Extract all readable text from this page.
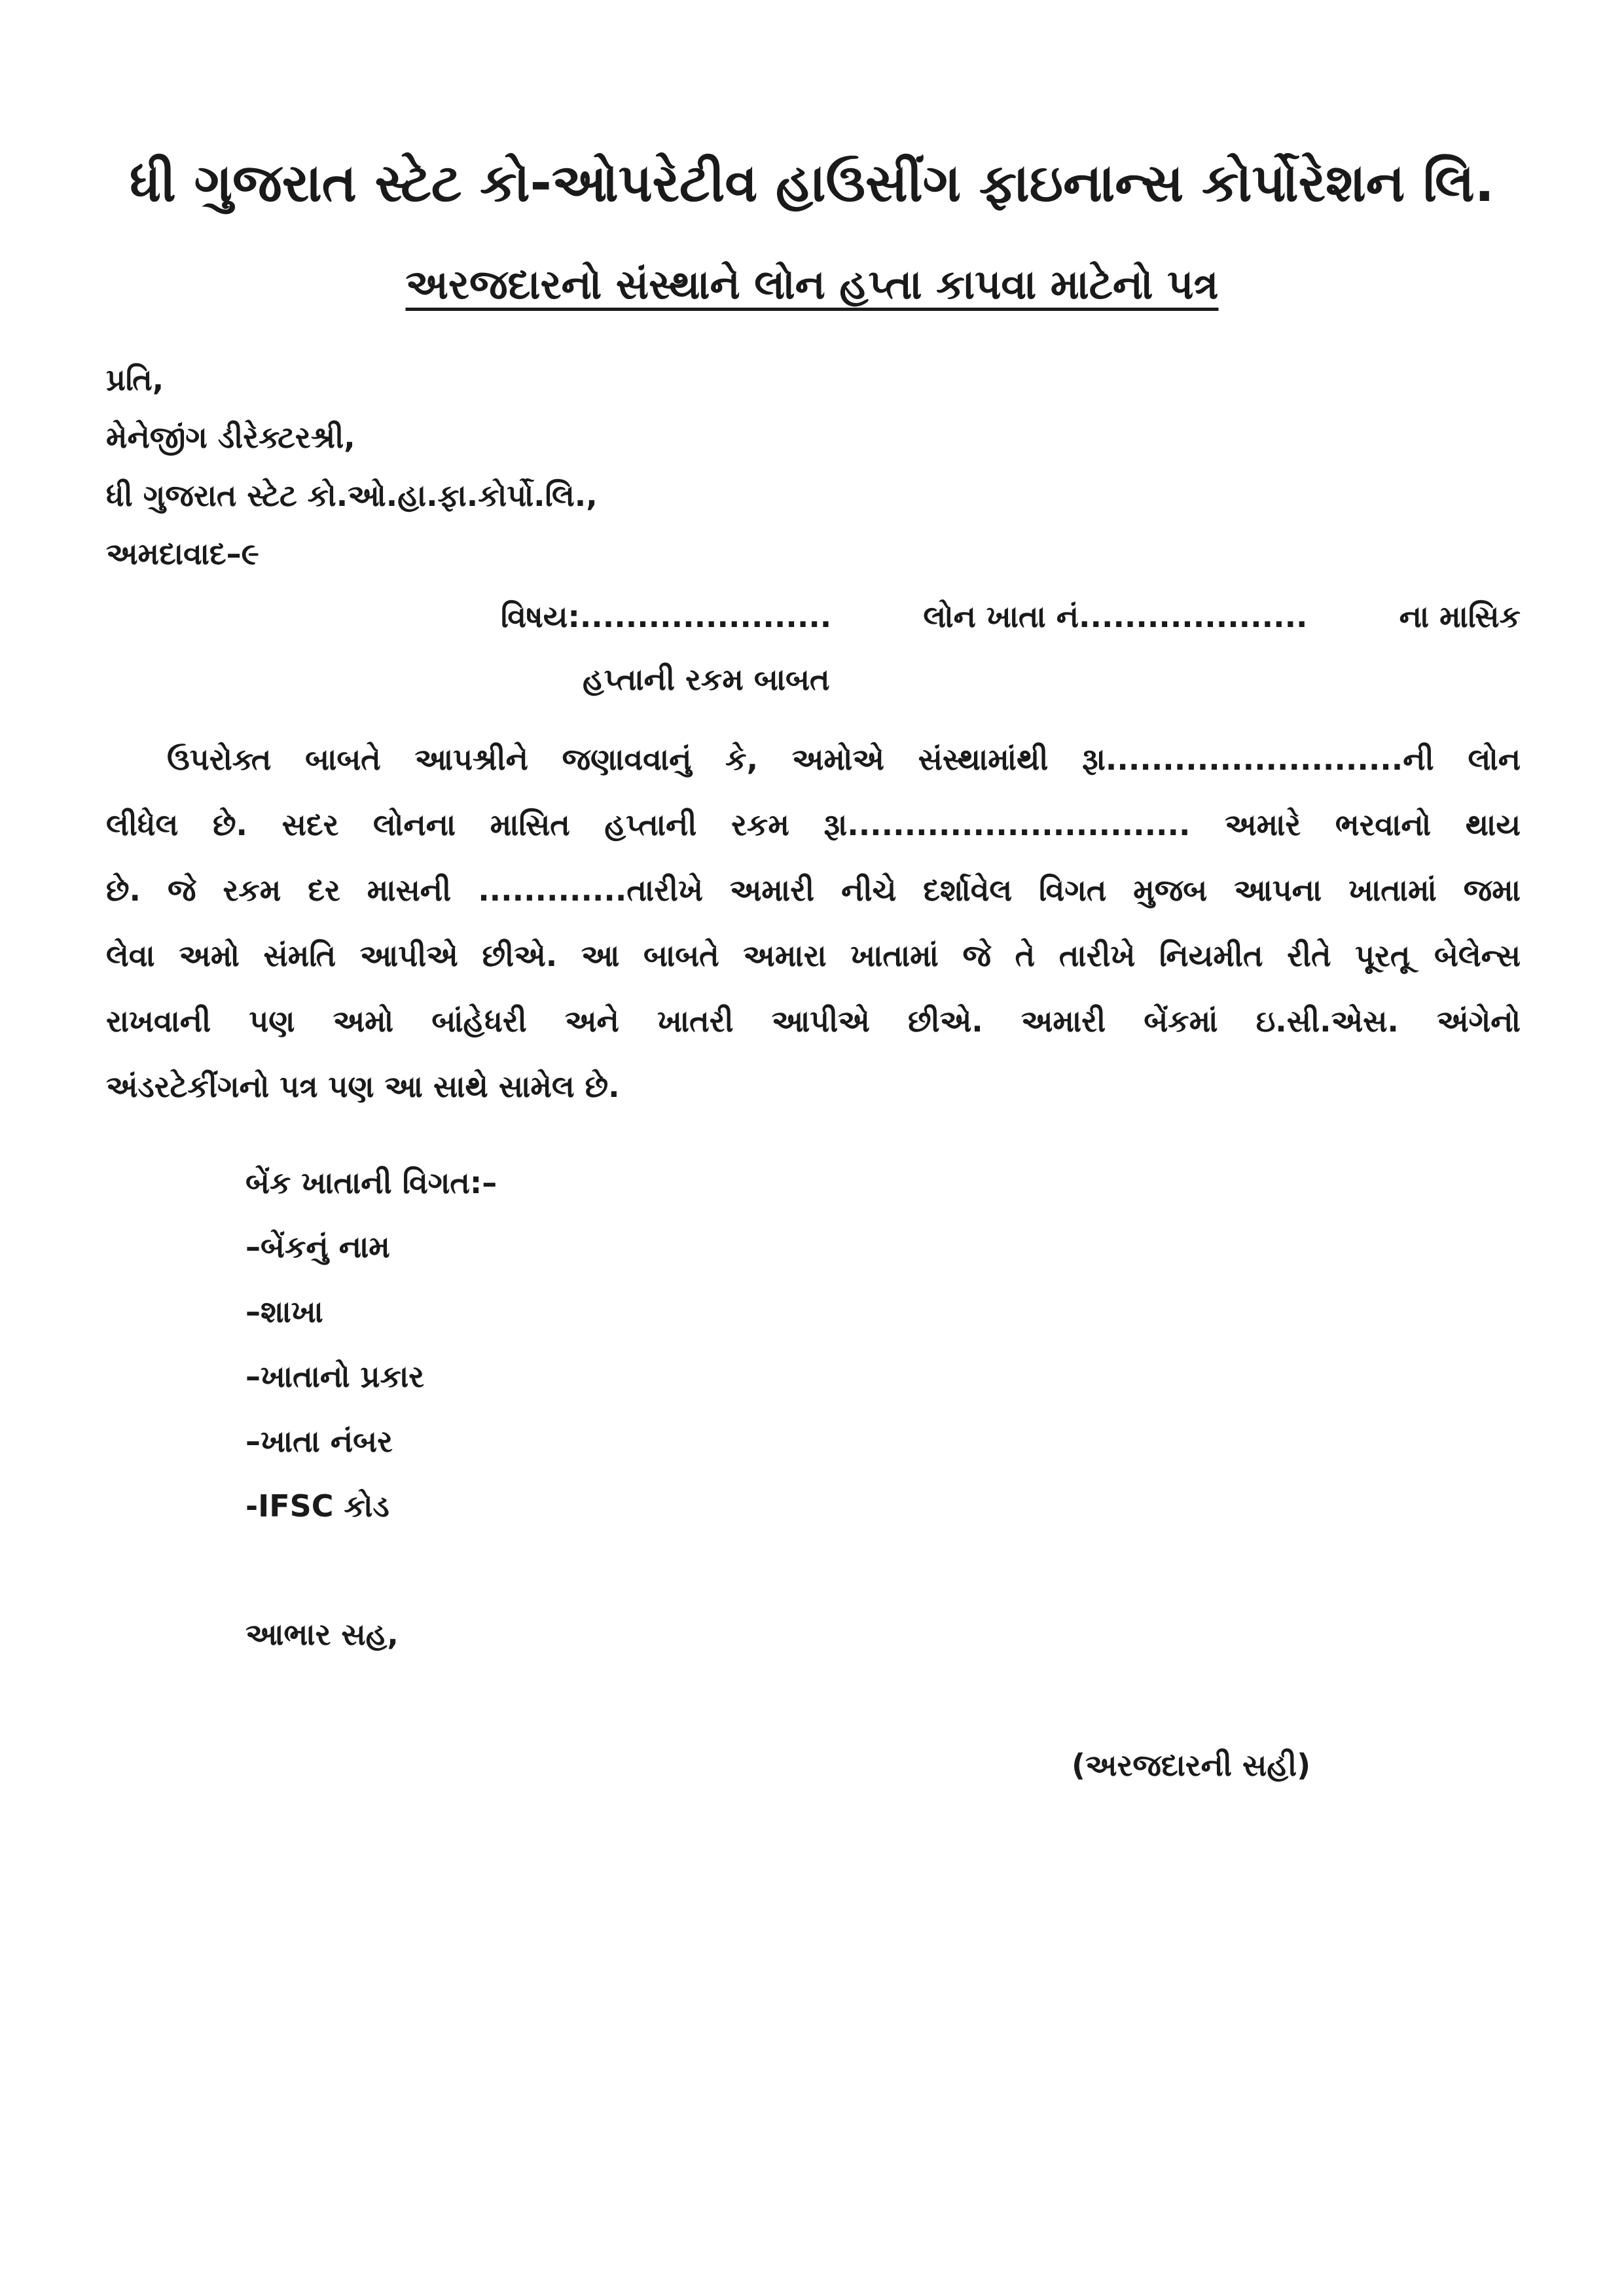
ધી ગુજરાત સ્ટેટ કો-ઓપરેટીવ હાઉસીંગ ફાઇનાન્સ કોર્પોરેશન લિ.
અરજદારનો સંસ્થાને લોન હપ્તા કાપવા માટેનો પત્ર
પ્રતિ,
મેનેજીંગ ડીરેક્ટરશ્રી,
ધી ગુજરાત સ્ટેટ કો.ઓ.હા.ફા.કોર્પો.લિ.,
અમદાવાદ–૯
વિષય:......................	લોન ખાતા નં....................	ના માસિક
હપ્તાની રકમ બાબત
ઉપરોક્ત બાબતે આપશ્રીને જણાવવાનું કે, અમોએ સંસ્થામાંથી રૂા..........................ની લોન
લીધેલ છે. સદર લોનના માસિત હપ્તાની રકમ રૂા.............................. અમારે ભરવાનો થાય
છે. જે રકમ દર માસની .............તારીખે અમારી નીચે દર્શાવેલ વિગત મુજબ આપના ખાતામાં જમા
લેવા અમો સંમતિ આપીએ છીએ. આ બાબતે અમારા ખાતામાં જે તે તારીખે નિયમીત રીતે પૂરતૂ બેલેન્સ
રાખવાની પણ અમો બાંહેધરી અને ખાતરી આપીએ છીએ. અમારી બેંકમાં ઇ.સી.એસ. અંગેનો
અંડરટેકીંગનો પત્ર પણ આ સાથે સામેલ છે.
બેંક ખાતાની વિગત:–
–બેંકનું નામ
–શાખા
–ખાતાનો પ્રકાર
–ખાતા નંબર
-IFSC કોડ
આભાર સહ,
(અરજદારની સહી)
